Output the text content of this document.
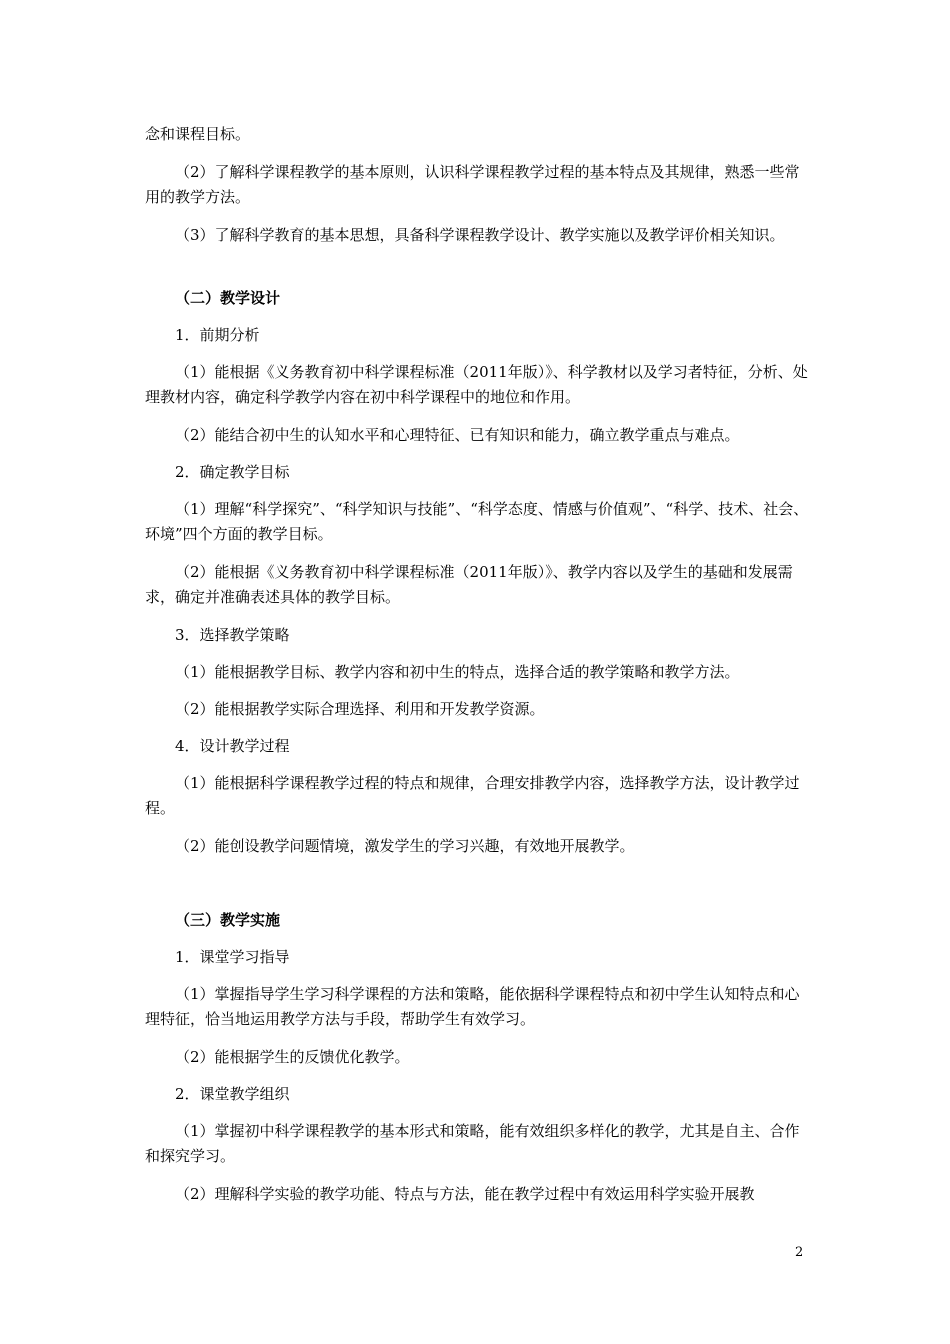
念和课程目标。
（2）了解科学课程教学的基本原则，认识科学课程教学过程的基本特点及其规律，熟悉一些常用的教学方法。
（3）了解科学教育的基本思想，具备科学课程教学设计、教学实施以及教学评价相关知识。
（二）教学设计
1．前期分析
（1）能根据《义务教育初中科学课程标准（2011年版）》、科学教材以及学习者特征，分析、处理教材内容，确定科学教学内容在初中科学课程中的地位和作用。
（2）能结合初中生的认知水平和心理特征、已有知识和能力，确立教学重点与难点。
2．确定教学目标
（1）理解“科学探究”、“科学知识与技能”、“科学态度、情感与价值观”、“科学、技术、社会、环境”四个方面的教学目标。
（2）能根据《义务教育初中科学课程标准（2011年版）》、教学内容以及学生的基础和发展需求，确定并准确表述具体的教学目标。
3．选择教学策略
（1）能根据教学目标、教学内容和初中生的特点，选择合适的教学策略和教学方法。
（2）能根据教学实际合理选择、利用和开发教学资源。
4．设计教学过程
（1）能根据科学课程教学过程的特点和规律，合理安排教学内容，选择教学方法，设计教学过程。
（2）能创设教学问题情境，激发学生的学习兴趣，有效地开展教学。
（三）教学实施
1．课堂学习指导
（1）掌握指导学生学习科学课程的方法和策略，能依据科学课程特点和初中学生认知特点和心理特征，恰当地运用教学方法与手段，帮助学生有效学习。
（2）能根据学生的反馈优化教学。
2．课堂教学组织
（1）掌握初中科学课程教学的基本形式和策略，能有效组织多样化的教学，尤其是自主、合作和探究学习。
（2）理解科学实验的教学功能、特点与方法，能在教学过程中有效运用科学实验开展教
2
